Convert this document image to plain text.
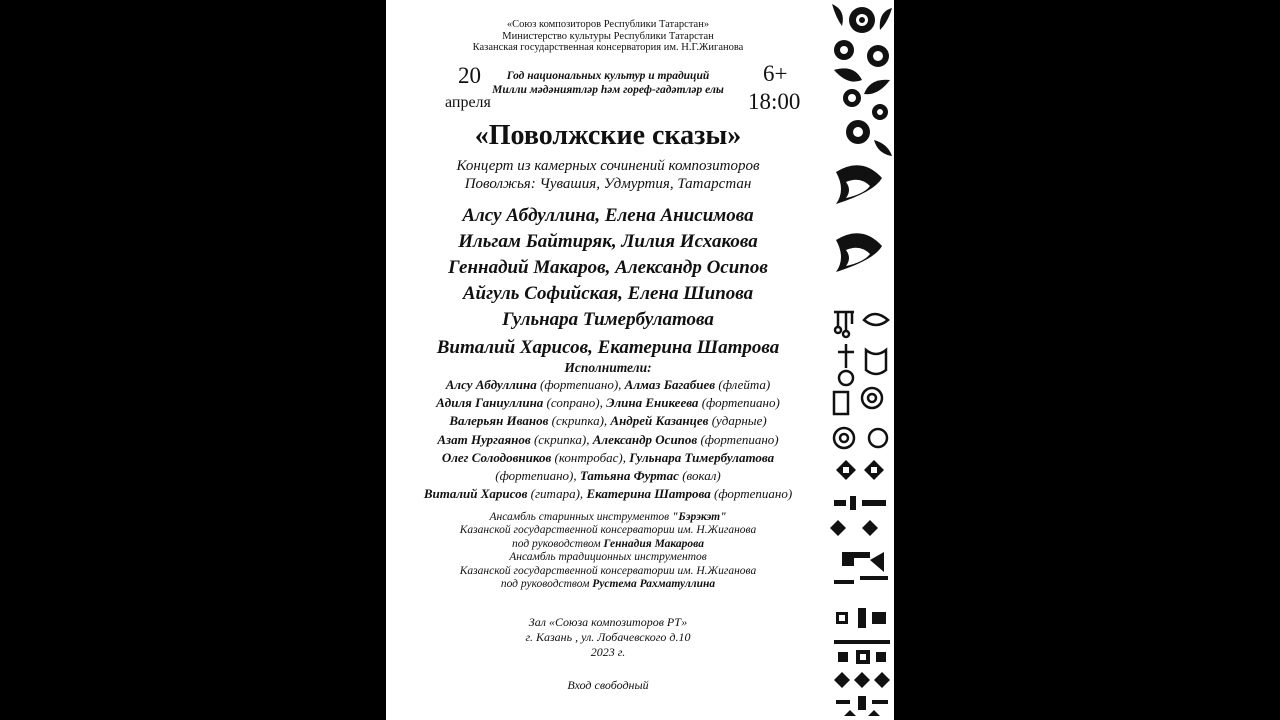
«Союз композиторов Республики Татарстан»
Министерство культуры Республики Татарстан
Казанская государственная консерватория им. Н.Г.Жиганова
20
апреля
Год национальных культур и традиций
Милли мәдәниятләр һәм гореф-гадәтләр елы
6+
18:00
«Поволжские сказы»
Концерт из камерных сочинений композиторов
Поволжья: Чувашия, Удмуртия, Татарстан
Алсу Абдуллина, Елена Анисимова
Ильгам Байтиряк, Лилия Исхакова
Геннадий Макаров, Александр Осипов
Айгуль Софийская, Елена Шипова
Гульнара Тимербулатова
Виталий Харисов, Екатерина Шатрова
Исполнители:
Алсу Абдуллина (фортепиано), Алмаз Багабиев (флейта)
Адиля Ганиуллина (сопрано), Элина Еникеева (фортепиано)
Валерьян Иванов (скрипка), Андрей Казанцев (ударные)
Азат Нургаянов (скрипка), Александр Осипов (фортепиано)
Олег Солодовников (контробас), Гульнара Тимербулатова
(фортепиано), Татьяна Фуртас (вокал)
Виталий Харисов (гитара), Екатерина Шатрова (фортепиано)
Ансамбль старинных инструментов "Бэрэкэт"
Казанской государственной консерватории им. Н.Жиганова
под руководством Геннадия Макарова
Ансамбль традиционных инструментов
Казанской государственной консерватории им. Н.Жиганова
под руководством Рустема Рахматуллина
Зал «Союза композиторов РТ»
г. Казань , ул. Лобачевского д.10
2023 г.
Вход свободный
